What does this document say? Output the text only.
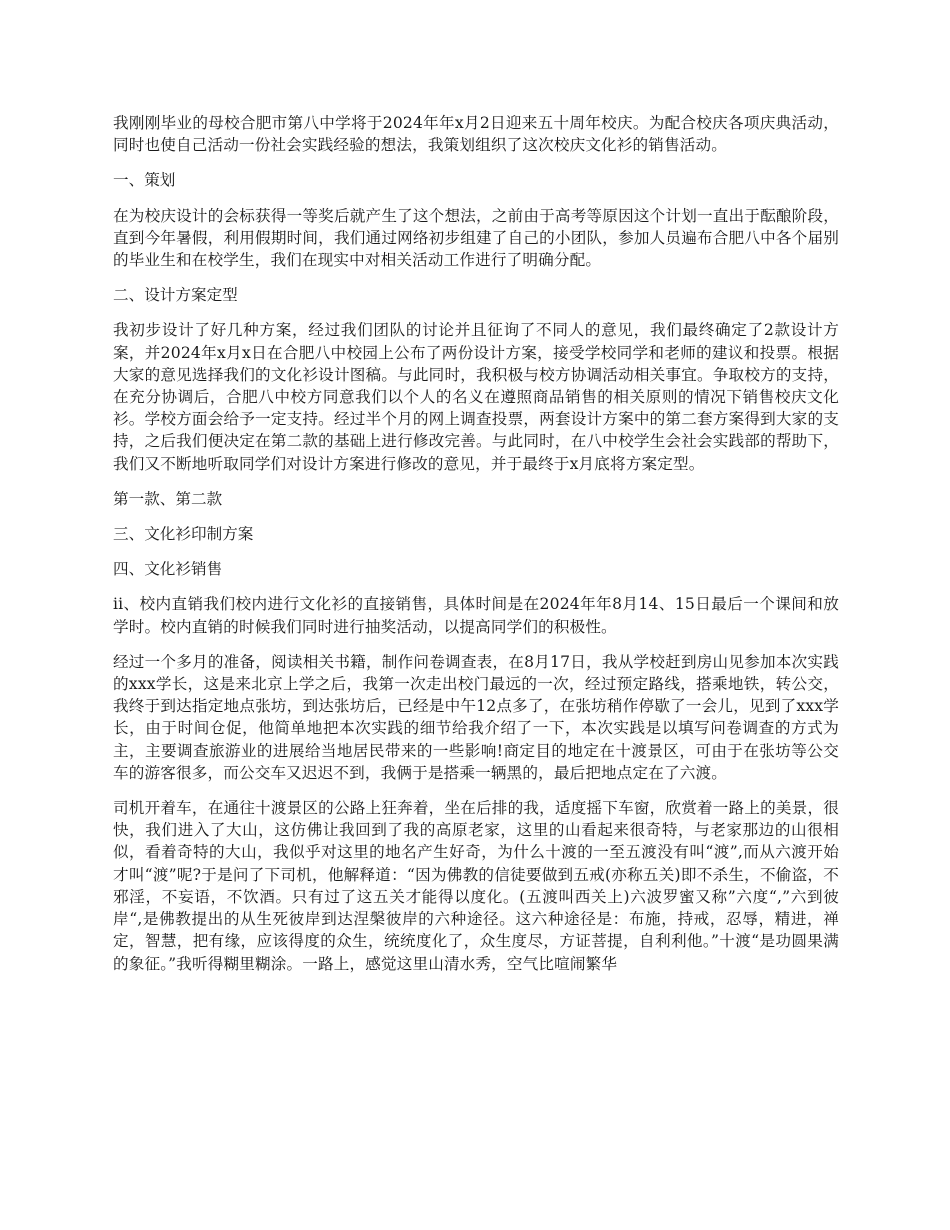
我刚刚毕业的母校合肥市第八中学将于2024年年x月2日迎来五十周年校庆。为配合校庆各项庆典活动，同时也使自己活动一份社会实践经验的想法，我策划组织了这次校庆文化衫的销售活动。

一、策划

在为校庆设计的会标获得一等奖后就产生了这个想法，之前由于高考等原因这个计划一直出于酝酿阶段，直到今年暑假，利用假期时间，我们通过网络初步组建了自己的小团队，参加人员遍布合肥八中各个届别的毕业生和在校学生，我们在现实中对相关活动工作进行了明确分配。

二、设计方案定型

我初步设计了好几种方案，经过我们团队的讨论并且征询了不同人的意见，我们最终确定了2款设计方案，并2024年x月x日在合肥八中校园上公布了两份设计方案，接受学校同学和老师的建议和投票。根据大家的意见选择我们的文化衫设计图稿。与此同时，我积极与校方协调活动相关事宜。争取校方的支持，在充分协调后，合肥八中校方同意我们以个人的名义在遵照商品销售的相关原则的情况下销售校庆文化衫。学校方面会给予一定支持。经过半个月的网上调查投票，两套设计方案中的第二套方案得到大家的支持，之后我们便决定在第二款的基础上进行修改完善。与此同时，在八中校学生会社会实践部的帮助下，我们又不断地听取同学们对设计方案进行修改的意见，并于最终于x月底将方案定型。

第一款、第二款

三、文化衫印制方案

四、文化衫销售

ii、校内直销我们校内进行文化衫的直接销售，具体时间是在2024年年8月14、15日最后一个课间和放学时。校内直销的时候我们同时进行抽奖活动，以提高同学们的积极性。

经过一个多月的准备，阅读相关书籍，制作问卷调查表，在8月17日，我从学校赶到房山见参加本次实践的xxx学长，这是来北京上学之后，我第一次走出校门最远的一次，经过预定路线，搭乘地铁，转公交，我终于到达指定地点张坊，到达张坊后，已经是中午12点多了，在张坊稍作停歇了一会儿，见到了xxx学长，由于时间仓促，他简单地把本次实践的细节给我介绍了一下，本次实践是以填写问卷调查的方式为主，主要调查旅游业的进展给当地居民带来的一些影响!商定目的地定在十渡景区，可由于在张坊等公交车的游客很多，而公交车又迟迟不到，我俩于是搭乘一辆黑的，最后把地点定在了六渡。

司机开着车，在通往十渡景区的公路上狂奔着，坐在后排的我，适度摇下车窗，欣赏着一路上的美景，很快，我们进入了大山，这仿佛让我回到了我的高原老家，这里的山看起来很奇特，与老家那边的山很相似，看着奇特的大山，我似乎对这里的地名产生好奇，为什么十渡的一至五渡没有叫“渡”,而从六渡开始才叫“渡”呢?于是问了下司机，他解释道：“因为佛教的信徒要做到五戒(亦称五关)即不杀生，不偷盗，不邪淫，不妄语，不饮酒。只有过了这五关才能得以度化。(五渡叫西关上)六波罗蜜又称”六度“,”六到彼岸“,是佛教提出的从生死彼岸到达涅槃彼岸的六种途径。这六种途径是：布施，持戒，忍辱，精进，禅定，智慧，把有缘，应该得度的众生，统统度化了，众生度尽，方证菩提，自利利他。”十渡“是功圆果满的象征。”我听得糊里糊涂。一路上，感觉这里山清水秀，空气比喧闹繁华
